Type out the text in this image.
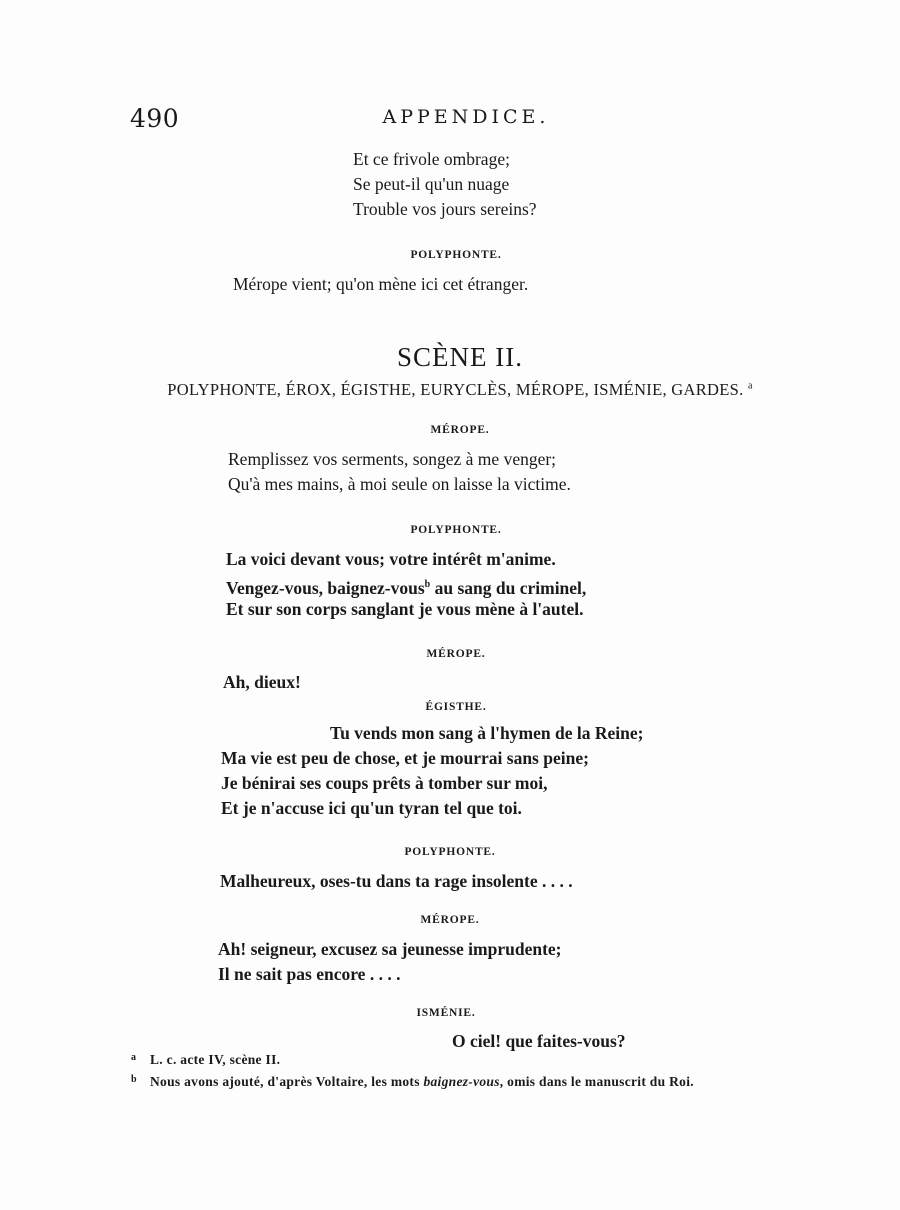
490	APPENDICE.
Et ce frivole ombrage;
Se peut-il qu'un nuage
Trouble vos jours sereins?
POLYPHONTE.
Mérope vient; qu'on mène ici cet étranger.
SCÈNE II.
POLYPHONTE, ÉROX, ÉGISTHE, EURYCLÈS, MÉROPE, ISMÉNIE, GARDES. $^a$
MÉROPE.
Remplissez vos serments, songez à me venger;
Qu'à mes mains, à moi seule on laisse la victime.
POLYPHONTE.
La voici devant vous; votre intérêt m'anime.
Vengez-vous, baignez-vous$^b$ au sang du criminel,
Et sur son corps sanglant je vous mène à l'autel.
MÉROPE.
Ah, dieux!
ÉGISTHE.
Tu vends mon sang à l'hymen de la Reine;
Ma vie est peu de chose, et je mourrai sans peine;
Je bénirai ses coups prêts à tomber sur moi,
Et je n'accuse ici qu'un tyran tel que toi.
POLYPHONTE.
Malheureux, oses-tu dans ta rage insolente . . . .
MÉROPE.
Ah! seigneur, excusez sa jeunesse imprudente;
Il ne sait pas encore . . . .
ISMÉNIE.
O ciel! que faites-vous?
a L. c. acte IV, scène II.
b Nous avons ajouté, d'après Voltaire, les mots baignez-vous, omis dans le manuscrit du Roi.
